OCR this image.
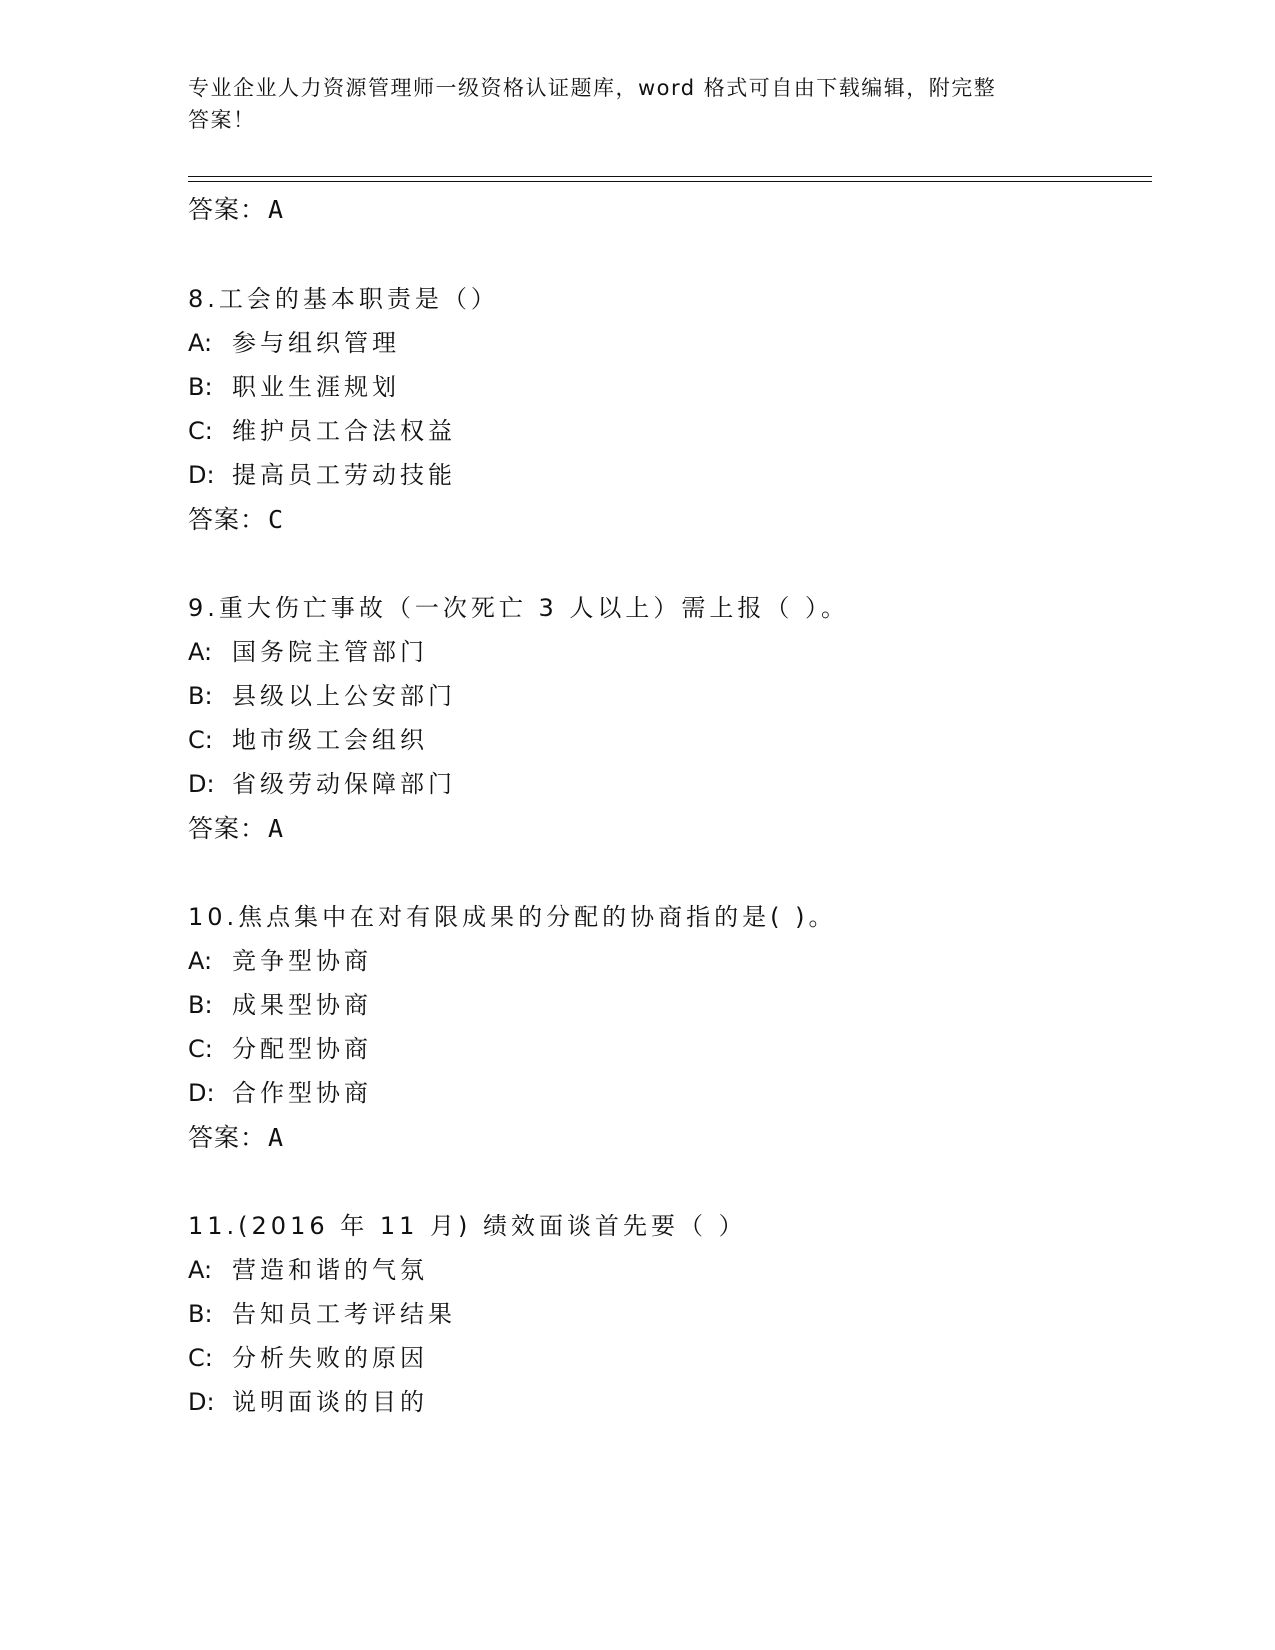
专业企业人力资源管理师一级资格认证题库，word 格式可自由下载编辑，附完整
答案！

答案：A
8.工会的基本职责是（）
A: 参与组织管理
B: 职业生涯规划
C: 维护员工合法权益
D: 提高员工劳动技能
答案：C
9.重大伤亡事故（一次死亡 3 人以上）需上报（ ）。
A: 国务院主管部门
B: 县级以上公安部门
C: 地市级工会组织
D: 省级劳动保障部门
答案：A
10.焦点集中在对有限成果的分配的协商指的是( )。
A: 竞争型协商
B: 成果型协商
C: 分配型协商
D: 合作型协商
答案：A
11.(2016 年 11 月) 绩效面谈首先要（ ）
A: 营造和谐的气氛
B: 告知员工考评结果
C: 分析失败的原因
D: 说明面谈的目的
